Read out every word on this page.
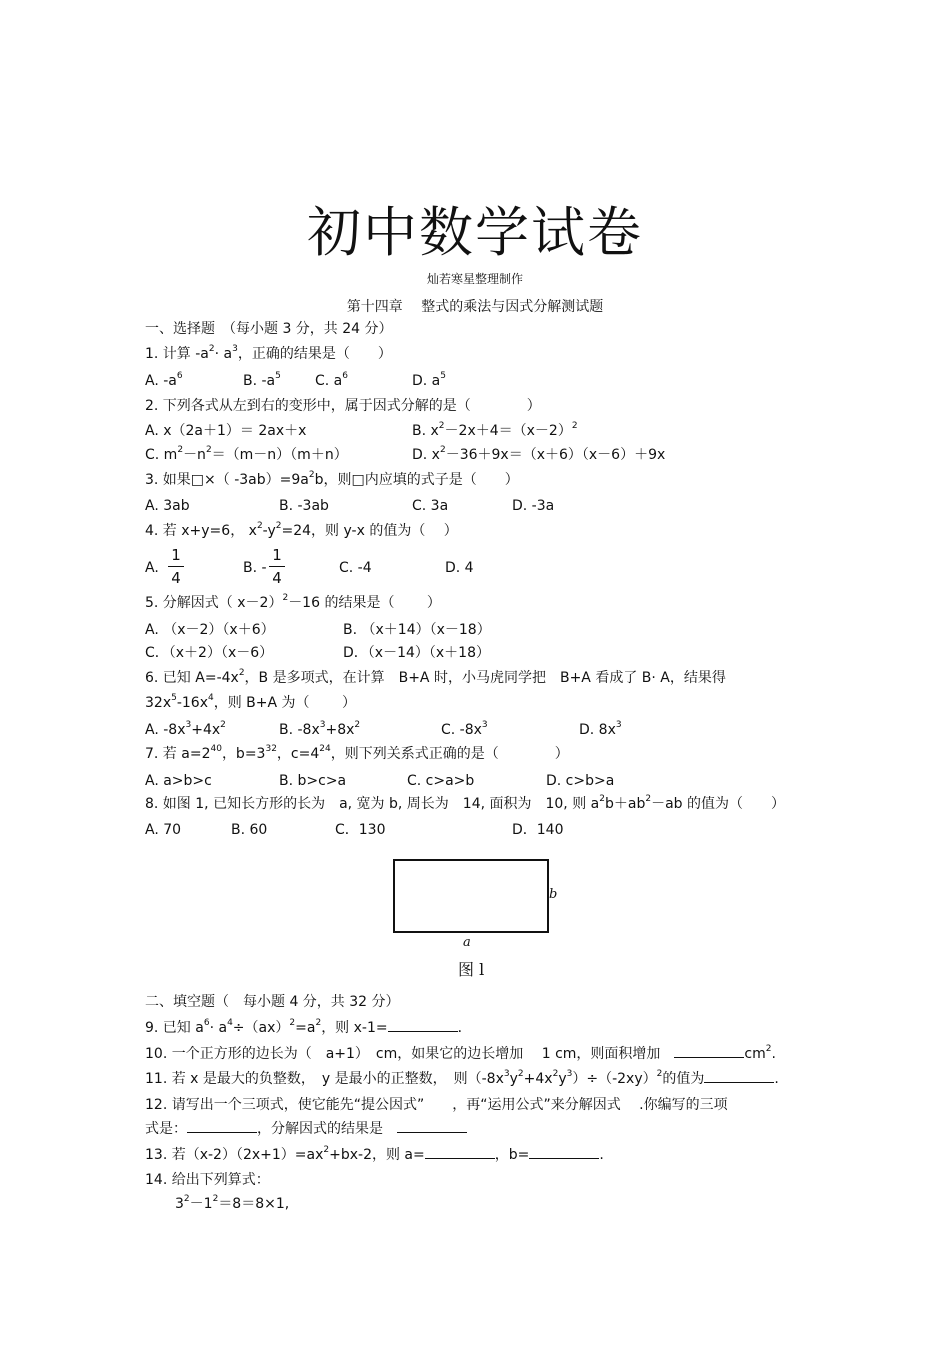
初中数学试卷
灿若寒星整理制作
第十四章　 整式的乘法与因式分解测试题
一、选择题　（每小题 3 分，共 24 分）
1. 计算 $-a^2\cdot a^3$，正确的结果是（　　）
A. $-a^6$	B. $-a^5$ C. $a^6$	D. $a^5$
2. 下列各式从左到右的变形中，属于因式分解的是（　　　　）
A. x（2a＋1）＝ 2ax＋x	B. $x^2-2x+4=(x-2)^2$
C. $m^2-n^2=(m-n)(m+n)$	D. $x^2-36+9x=(x+6)(x-6)+9x$
3. 如果□×（ $-3ab)=9a^2b$，则□内应填的式子是（　　）
A. 3ab	B. -3ab	C. 3a	D. -3a
4. 若 x+y=6， $x^2-y^2=24$，则 y-x 的值为（　 ）
A.
1
4
B. -
1
4
C. -4	D. 4
5. 分解因式（ x－2）$^2$－16 的结果是（　　 ）
A. （x－2）（x＋6）	B. （x＋14）（x－18）
C．（x＋2）（x－6）	D．（x－14）（x＋18）
6. 已知 $A=-4x^2$，B 是多项式，在计算　B+A 时，小马虎同学把　B+A 看成了 B· A，结果得
$32x^5-16x^4$，则 B+A 为（　　 ）
A. $-8x^3+4x^2$	B. $-8x^3+8x^2$	C. $-8x^3$	D. $8x^3$
7. 若 $a=2^{40}$，$b=3^{32}$，$c=4^{24}$，则下列关系式正确的是（　　　　）
A. a>b>c	B. b>c>a	C. c>a>b	D. c>b>a
8. 如图 1, 已知长方形的长为　a, 宽为 b, 周长为　14, 面积为　10, 则 $a^2b+ab^2-ab$ 的值为（　　）
A. 70	B. 60	C．130	D．140
b
a
图 l
二、填空题（　每小题 4 分，共 32 分）
9. 已知 $a^6\cdot a^4\div(ax)^2=a^2$，则 x-1=	．
10. 一个正方形的边长为（　a+1）　cm，如果它的边长增加　 1 cm，则面积增加　	$cm^2$.
11. 若 x 是最大的负整数，　y 是最小的正整数，　则$(-8x^3y^2+4x^2y^3)\div(-2xy)^2$的值为	.
12. 请写出一个三项式，使它能先“提公因式”　　，再“运用公式”来分解因式　 .你编写的三项
式是：	，分解因式的结果是　
13. 若$(x-2)(2x+1)=ax^2+bx-2$，则 a=	，b=	.
14. 给出下列算式：
$3^2-1^2=8=8\times 1$,
